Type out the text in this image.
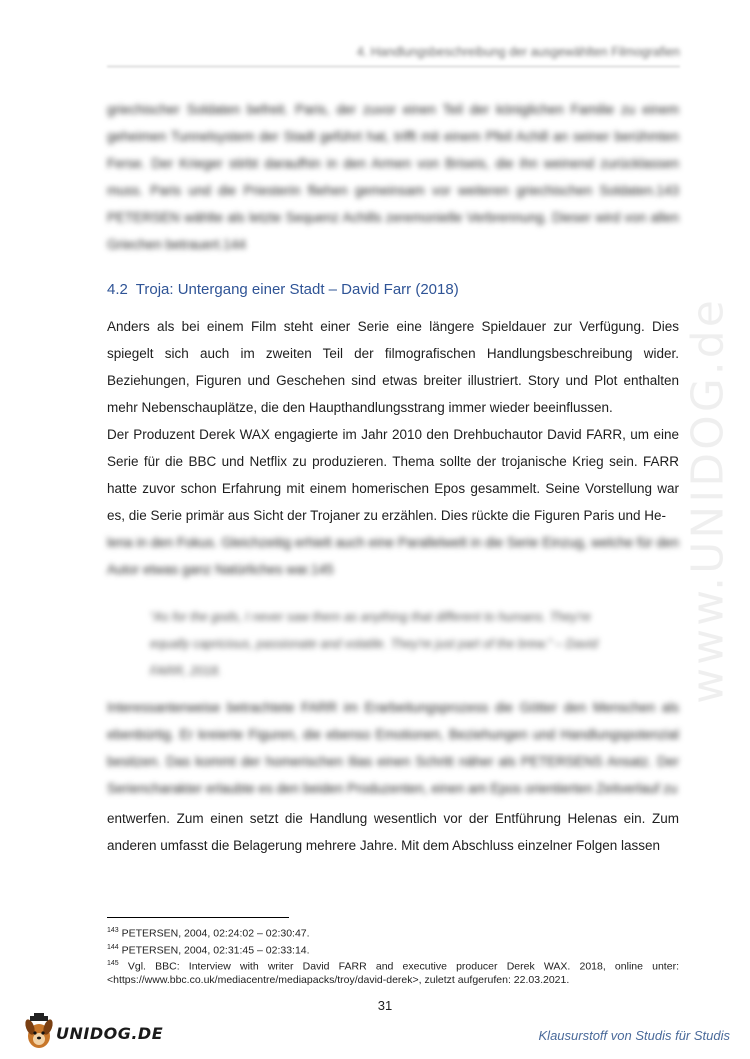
4. Handlungsbeschreibung der ausgewählten Filmografien
griechischer Soldaten befreit. Paris, der zuvor einen Teil der königlichen Familie zu einem geheimen Tunnelsystem der Stadt geführt hat, trifft mit einem Pfeil Achill an seiner berühmten Ferse. Der Krieger stirbt daraufhin in den Armen von Briseis, die ihn weinend zurücklassen muss. Paris und die Priesterin fliehen gemeinsam vor weiteren griechischen Soldaten.143 PETERSEN wählte als letzte Sequenz Achills zeremonielle Verbrennung. Dieser wird von allen Griechen betrauert.144
4.2 Troja: Untergang einer Stadt – David Farr (2018)
Anders als bei einem Film steht einer Serie eine längere Spieldauer zur Verfügung. Dies spiegelt sich auch im zweiten Teil der filmografischen Handlungsbeschreibung wider. Beziehungen, Figuren und Geschehen sind etwas breiter illustriert. Story und Plot enthalten mehr Nebenschauplätze, die den Haupthandlungsstrang immer wieder beeinflussen.
Der Produzent Derek WAX engagierte im Jahr 2010 den Drehbuchautor David FARR, um eine Serie für die BBC und Netflix zu produzieren. Thema sollte der trojanische Krieg sein. FARR hatte zuvor schon Erfahrung mit einem homerischen Epos gesammelt. Seine Vorstellung war es, die Serie primär aus Sicht der Trojaner zu erzählen. Dies rückte die Figuren Paris und He-
lena in den Fokus. Gleichzeitig erhielt auch eine Parallelwelt in die Serie Einzug, welche für den Autor etwas ganz Natürliches war.145
“As for the gods, I never saw them as anything that different to humans. They're equally capricious, passionate and volatile. They're just part of the brew.” – David FARR, 2018.
Interessanterweise betrachtete FARR im Erarbeitungsprozess die Götter den Menschen als ebenbürtig. Er kreierte Figuren, die ebenso Emotionen, Beziehungen und Handlungspotenzial besitzen. Das kommt der homerischen Ilias einen Schritt näher als PETERSENS Ansatz. Der Seriencharakter erlaubte es den beiden Produzenten, einen am Epos orientierten Zeitverlauf zu
entwerfen. Zum einen setzt die Handlung wesentlich vor der Entführung Helenas ein. Zum anderen umfasst die Belagerung mehrere Jahre. Mit dem Abschluss einzelner Folgen lassen
www.UNIDOG.de
$^{143}$ PETERSEN, 2004, 02:24:02 – 02:30:47.
$^{144}$ PETERSEN, 2004, 02:31:45 – 02:33:14.
$^{145}$ Vgl. BBC: Interview with writer David FARR and executive producer Derek WAX. 2018, online unter: <https://www.bbc.co.uk/mediacentre/mediapacks/troy/david-derek>, zuletzt aufgerufen: 22.03.2021.
31
UNIDOG.DE	Klausurstoff von Studis für Studis
